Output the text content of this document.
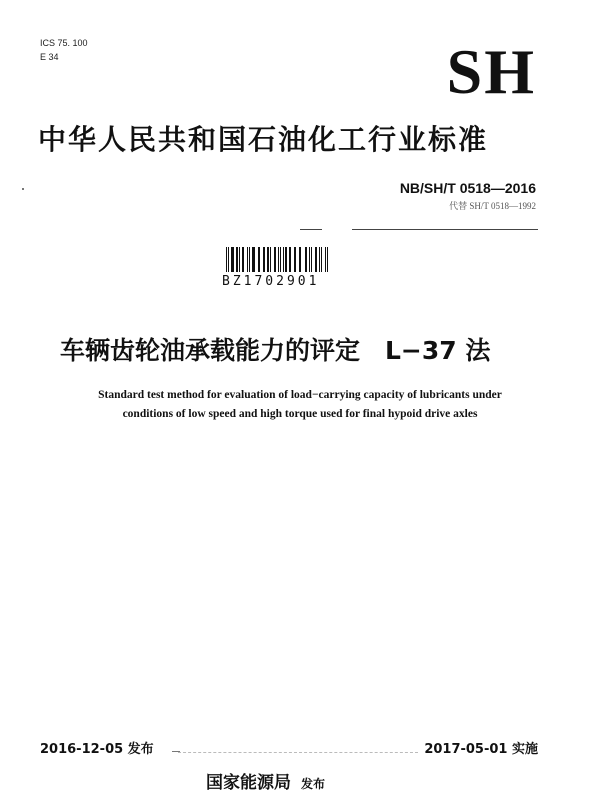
ICS 75. 100
E 34	SH
中华人民共和国石油化工行业标准
NB/SH/T 0518—2016
代替 SH/T 0518—1992
BZ1702901
车辆齿轮油承载能力的评定　L−37 法
Standard test method for evaluation of load−carrying capacity of lubricants under
conditions of low speed and high torque used for final hypoid drive axles
2016-12-05 发布	2017-05-01 实施
国家能源局 发布
